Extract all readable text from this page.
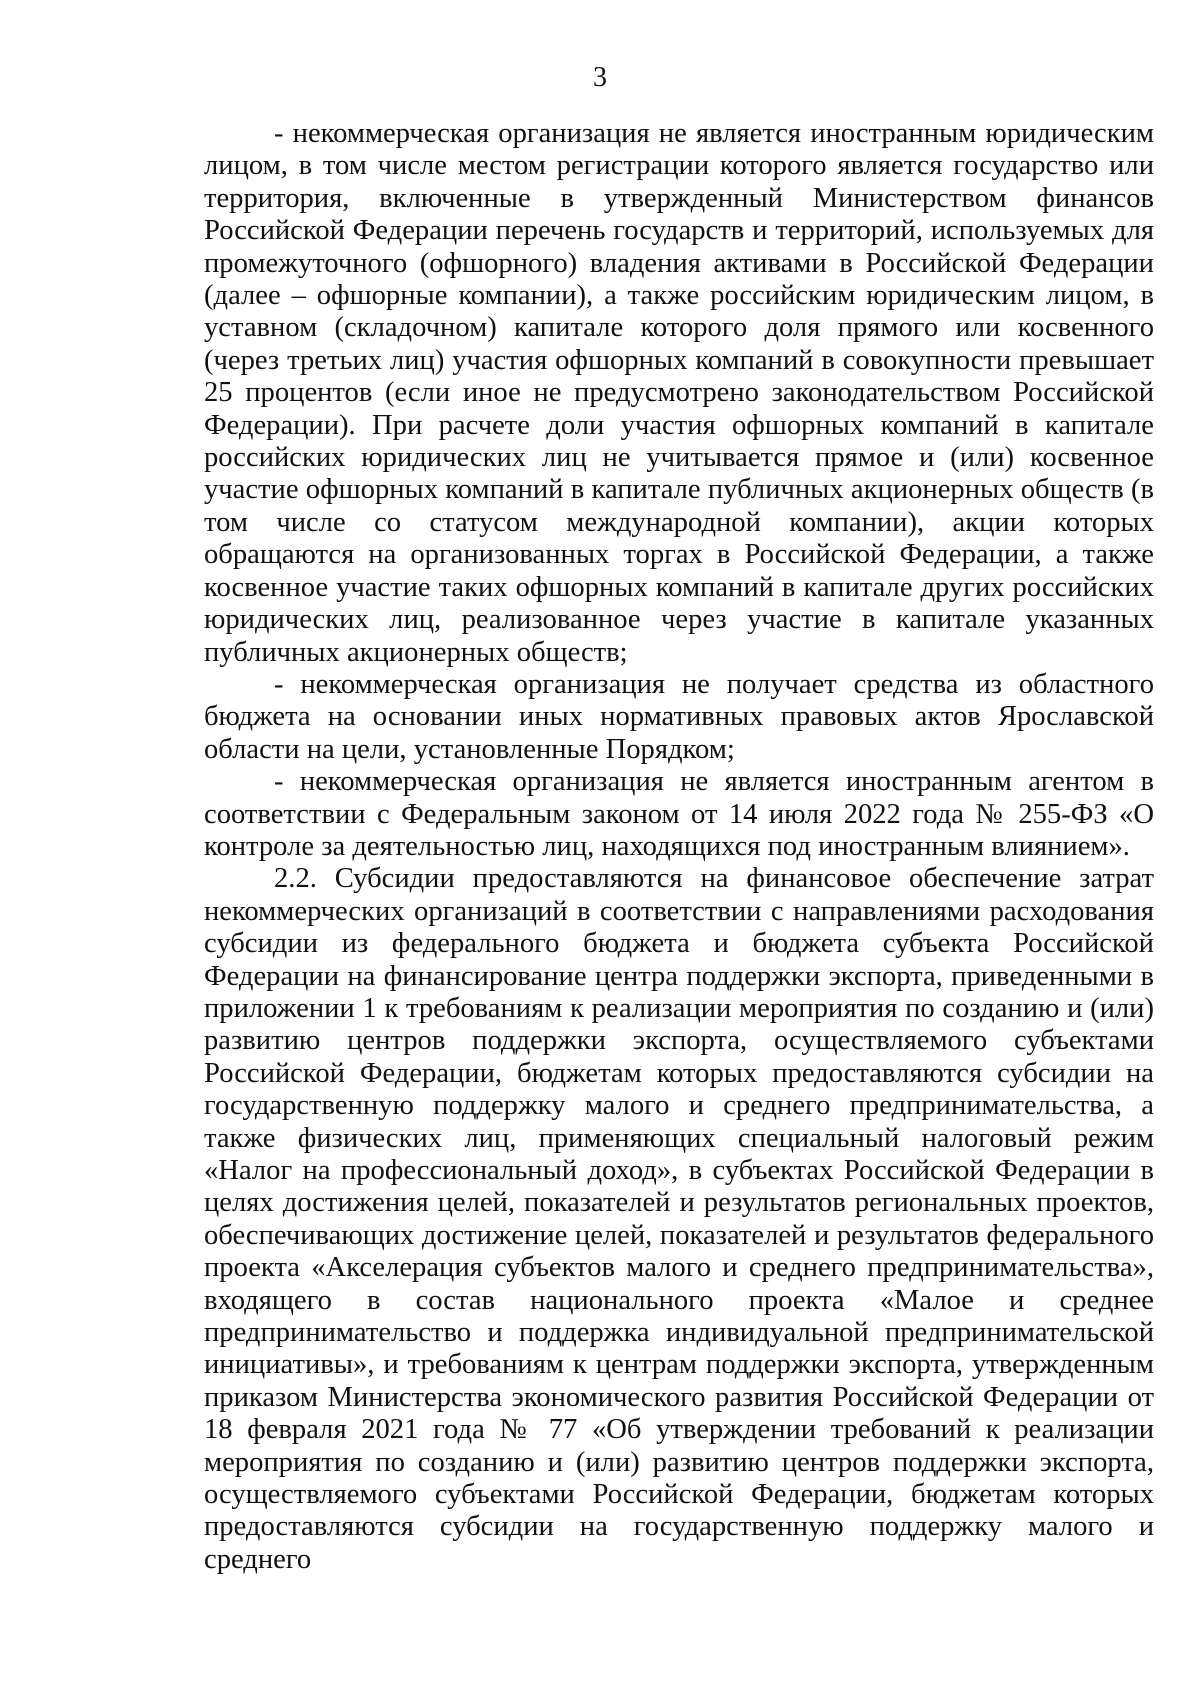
3

- некоммерческая организация не является иностранным юридическим лицом, в том числе местом регистрации которого является государство или территория, включенные в утвержденный Министерством финансов Российской Федерации перечень государств и территорий, используемых для промежуточного (офшорного) владения активами в Российской Федерации (далее – офшорные компании), а также российским юридическим лицом, в уставном (складочном) капитале которого доля прямого или косвенного (через третьих лиц) участия офшорных компаний в совокупности превышает 25 процентов (если иное не предусмотрено законодательством Российской Федерации). При расчете доли участия офшорных компаний в капитале российских юридических лиц не учитывается прямое и (или) косвенное участие офшорных компаний в капитале публичных акционерных обществ (в том числе со статусом международной компании), акции которых обращаются на организованных торгах в Российской Федерации, а также косвенное участие таких офшорных компаний в капитале других российских юридических лиц, реализованное через участие в капитале указанных публичных акционерных обществ;

- некоммерческая организация не получает средства из областного бюджета на основании иных нормативных правовых актов Ярославской области на цели, установленные Порядком;

- некоммерческая организация не является иностранным агентом в соответствии с Федеральным законом от 14 июля 2022 года № 255-ФЗ «О контроле за деятельностью лиц, находящихся под иностранным влиянием».

2.2. Субсидии предоставляются на финансовое обеспечение затрат некоммерческих организаций в соответствии с направлениями расходования субсидии из федерального бюджета и бюджета субъекта Российской Федерации на финансирование центра поддержки экспорта, приведенными в приложении 1 к требованиям к реализации мероприятия по созданию и (или) развитию центров поддержки экспорта, осуществляемого субъектами Российской Федерации, бюджетам которых предоставляются субсидии на государственную поддержку малого и среднего предпринимательства, а также физических лиц, применяющих специальный налоговый режим «Налог на профессиональный доход», в субъектах Российской Федерации в целях достижения целей, показателей и результатов региональных проектов, обеспечивающих достижение целей, показателей и результатов федерального проекта «Акселерация субъектов малого и среднего предпринимательства», входящего в состав национального проекта «Малое и среднее предпринимательство и поддержка индивидуальной предпринимательской инициативы», и требованиям к центрам поддержки экспорта, утвержденным приказом Министерства экономического развития Российской Федерации от 18 февраля 2021 года № 77 «Об утверждении требований к реализации мероприятия по созданию и (или) развитию центров поддержки экспорта, осуществляемого субъектами Российской Федерации, бюджетам которых предоставляются субсидии на государственную поддержку малого и среднего
